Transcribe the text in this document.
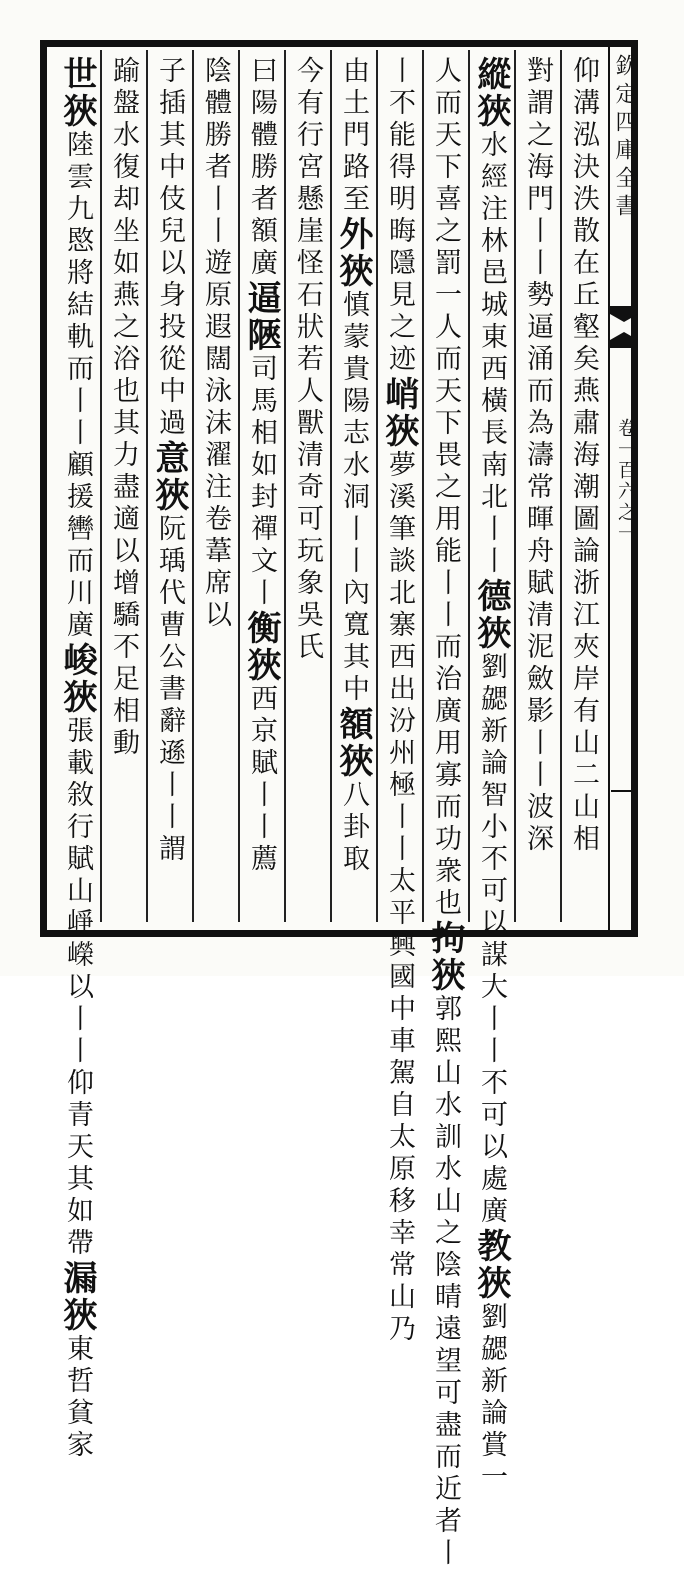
欽定四庫全書
卷一百六之一
仰溝泓決泆散在丘壑矣燕肅海潮圖論浙江夾岸有山二山相
對謂之海門丨丨勢逼涌而為濤常暉舟賦清泥斂影丨丨波深
縱狹水經注林邑城東西橫長南北丨丨德狹劉勰新論智小不可以謀大丨丨不可以處廣教狹劉勰新論賞一
人而天下喜之罰一人而天下畏之用能丨丨而治廣用寡而功衆也拘狹郭熙山水訓水山之陰晴遠望可盡而近者丨
丨不能得明晦隱見之迹峭狹夢溪筆談北寨西出汾州極丨丨太平興國中車駕自太原移幸常山乃
由土門路至外狹慎蒙貴陽志水洞丨丨內寬其中額狹八卦取
今有行宮懸崖怪石狀若人獸清奇可玩象吳氏
曰陽體勝者額廣逼陿司馬相如封禪文丨衡狹西京賦丨丨薦
陰體勝者丨丨遊原遐闊泳沫濯注卷葦席以
子插其中伎兒以身投從中過意狹阮瑀代曹公書辭遜丨丨謂
踰盤水復却坐如燕之浴也其力盡適以增驕不足相動
世狹陸雲九愍將結軌而丨丨顧援轡而川廣峻狹張載敘行賦山崢嶸以丨丨仰青天其如帶漏狹東哲貧家
